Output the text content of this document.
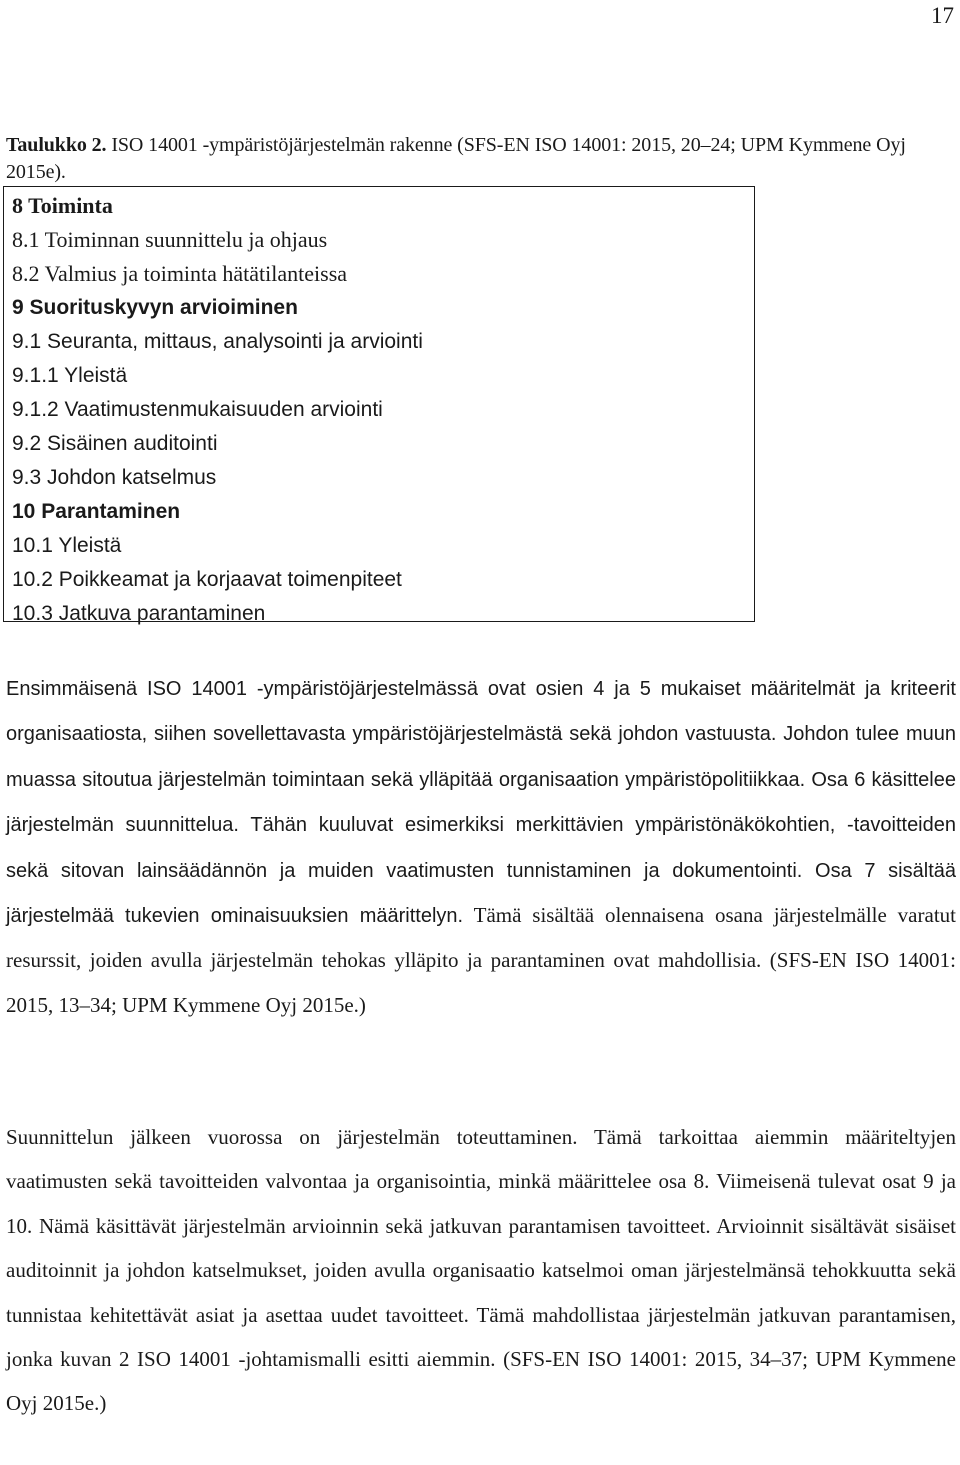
17
Taulukko 2. ISO 14001 -ympäristöjärjestelmän rakenne (SFS-EN ISO 14001: 2015, 20–24; UPM Kymmene Oyj 2015e).
8 Toiminta
8.1 Toiminnan suunnittelu ja ohjaus
8.2 Valmius ja toiminta hätätilanteissa
9 Suorituskyvyn arvioiminen
9.1 Seuranta, mittaus, analysointi ja arviointi
9.1.1 Yleistä
9.1.2 Vaatimustenmukaisuuden arviointi
9.2 Sisäinen auditointi
9.3 Johdon katselmus
10 Parantaminen
10.1 Yleistä
10.2 Poikkeamat ja korjaavat toimenpiteet
10.3 Jatkuva parantaminen

Ensimmäisenä ISO 14001 -ympäristöjärjestelmässä ovat osien 4 ja 5 mukaiset määritelmät ja kriteerit organisaatiosta, siihen sovellettavasta ympäristöjärjestelmästä sekä johdon vastuusta. Johdon tulee muun muassa sitoutua järjestelmän toimintaan sekä ylläpitää organisaation ympäristöpolitiikkaa. Osa 6 käsittelee järjestelmän suunnittelua. Tähän kuuluvat esimerkiksi merkittävien ympäristönäkökohtien, -tavoitteiden sekä sitovan lainsäädännön ja muiden vaatimusten tunnistaminen ja dokumentointi. Osa 7 sisältää järjestelmää tukevien ominaisuuksien määrittelyn. Tämä sisältää olennaisena osana järjestelmälle varatut resurssit, joiden avulla järjestelmän tehokas ylläpito ja parantaminen ovat mahdollisia. (SFS-EN ISO 14001: 2015, 13–34; UPM Kymmene Oyj 2015e.)

Suunnittelun jälkeen vuorossa on järjestelmän toteuttaminen. Tämä tarkoittaa aiemmin määriteltyjen vaatimusten sekä tavoitteiden valvontaa ja organisointia, minkä määrittelee osa 8. Viimeisenä tulevat osat 9 ja 10. Nämä käsittävät järjestelmän arvioinnin sekä jatkuvan parantamisen tavoitteet. Arvioinnit sisältävät sisäiset auditoinnit ja johdon katselmukset, joiden avulla organisaatio katselmoi oman järjestelmänsä tehokkuutta sekä tunnistaa kehitettävät asiat ja asettaa uudet tavoitteet. Tämä mahdollistaa järjestelmän jatkuvan parantamisen, jonka kuvan 2 ISO 14001 -johtamismalli esitti aiemmin. (SFS-EN ISO 14001: 2015, 34–37; UPM Kymmene Oyj 2015e.)
